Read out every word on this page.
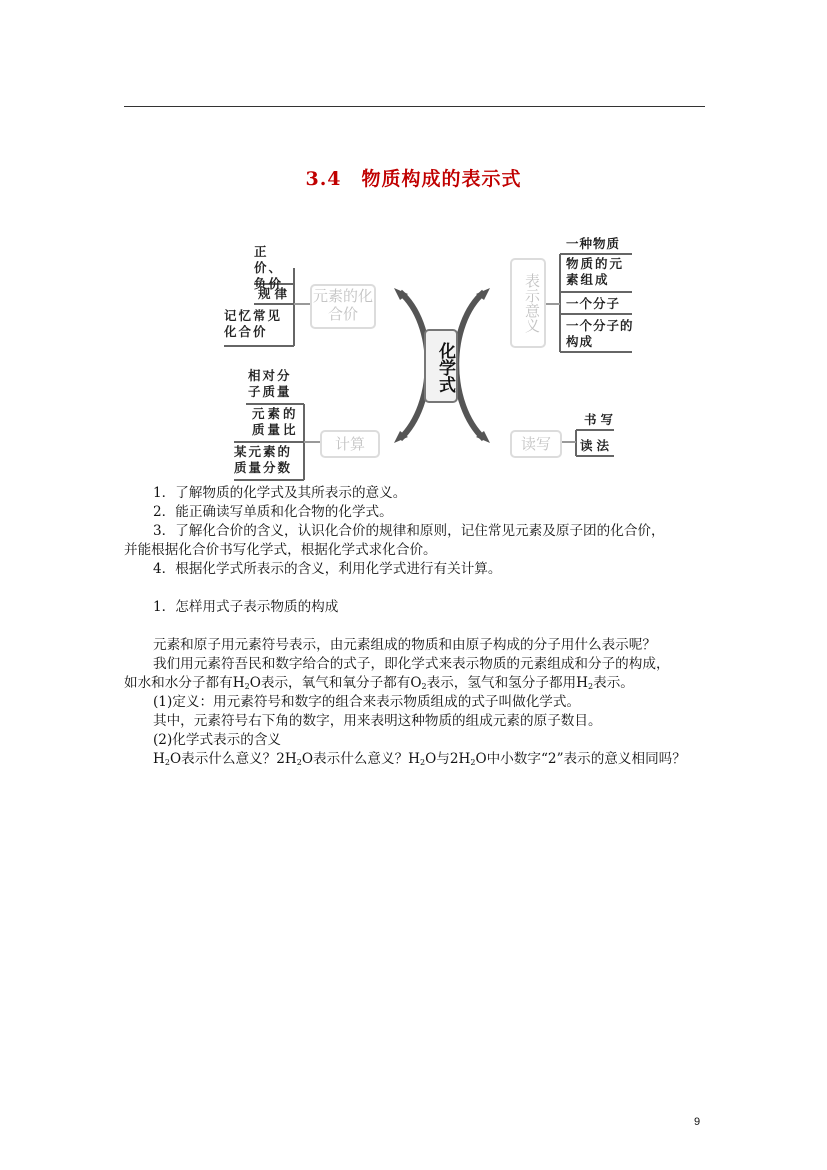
3.4　物质构成的表示式
化学式
元素的化合价	表示意义
计算	读写
正价、负价
规律
记忆常见化合价
相对分子质量
元素的质量比
某元素的质量分数
一种物质
物质的元素组成
一个分子
一个分子的构成
书写
读法
1．了解物质的化学式及其所表示的意义。
2．能正确读写单质和化合物的化学式。
3．了解化合价的含义，认识化合价的规律和原则，记住常见元素及原子团的化合价，
并能根据化合价书写化学式，根据化学式求化合价。
4．根据化学式所表示的含义，利用化学式进行有关计算。
1．怎样用式子表示物质的构成
元素和原子用元素符号表示，由元素组成的物质和由原子构成的分子用什么表示呢？
我们用元素符吾民和数字给合的式子，即化学式来表示物质的元素组成和分子的构成，
如水和水分子都有$H_2O$表示，氧气和氧分子都有$O_2$表示，氢气和氢分子都用$H_2$表示。
(1)定义：用元素符号和数字的组合来表示物质组成的式子叫做化学式。
其中，元素符号右下角的数字，用来表明这种物质的组成元素的原子数目。
(2)化学式表示的含义
$H_2O$表示什么意义？$2H_2O$表示什么意义？$H_2O$与$2H_2O$中小数字“2”表示的意义相同吗？
9
